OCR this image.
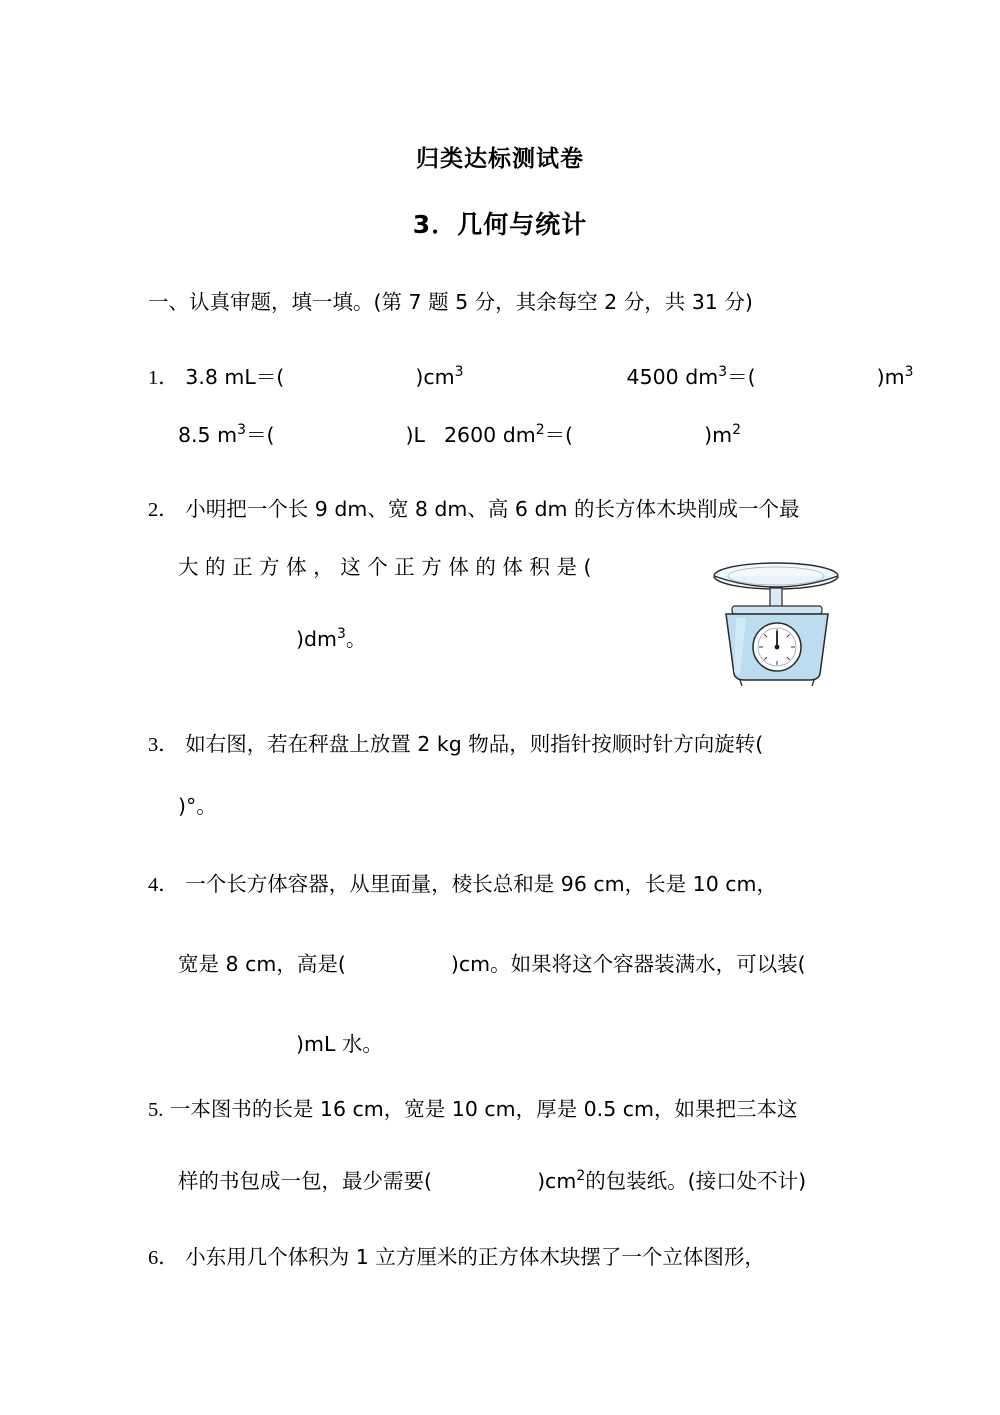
归类达标测试卷
3．几何与统计
一、认真审题，填一填。(第 7 题 5 分，其余每空 2 分，共 31 分)
1． 3.8 mL＝(	)$cm^3$	4500 $dm^3=$(	)$m^3$
8.5 $m^3=$(	)L 2600 $dm^2=$(	)$m^2$
2． 小明把一个长 9 dm、宽 8 dm、高 6 dm 的长方体木块削成一个最
大 的 正 方 体 ， 这 个 正 方 体 的 体 积 是 (
)$dm^3$。
3． 如右图，若在秤盘上放置 2 kg 物品，则指针按顺时针方向旋转(
)°。
4． 一个长方体容器，从里面量，棱长总和是 96 cm，长是 10 cm，
宽是 8 cm，高是(	)cm。如果将这个容器装满水，可以装(
)mL 水。
5. 一本图书的长是 16 cm，宽是 10 cm，厚是 0.5 cm，如果把三本这
样的书包成一包，最少需要(	)$cm^2$的包装纸。(接口处不计)
6． 小东用几个体积为 1 立方厘米的正方体木块摆了一个立体图形，
